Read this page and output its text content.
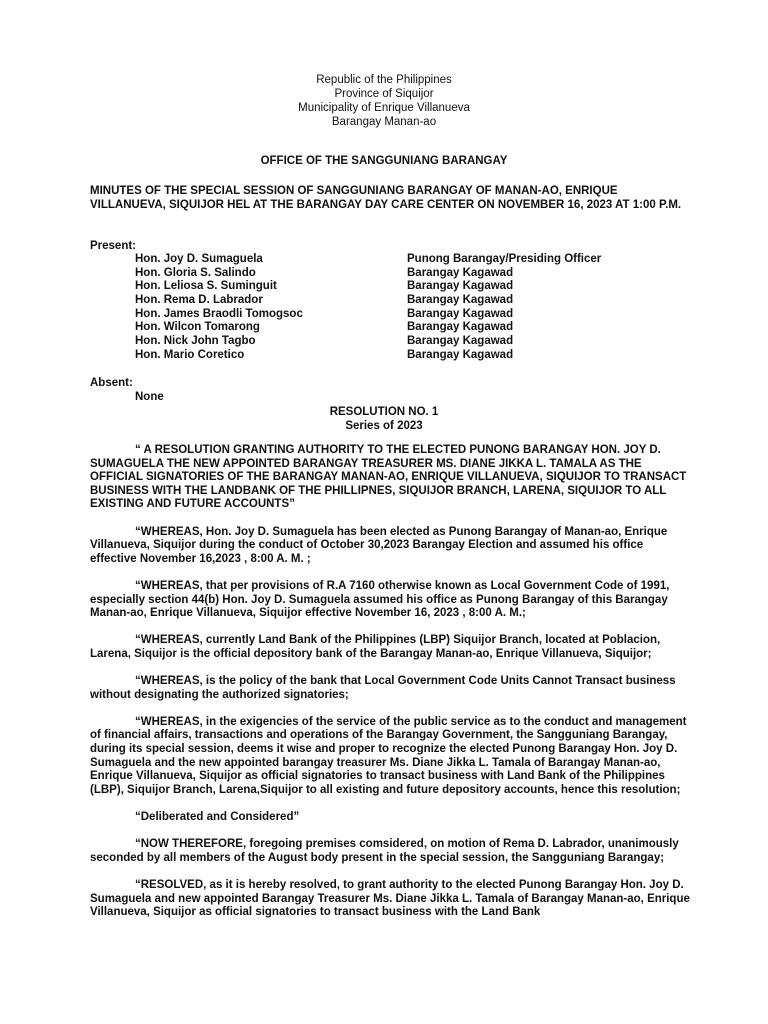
Republic of the Philippines
Province of Siquijor
Municipality of Enrique Villanueva
Barangay Manan-ao
OFFICE OF THE SANGGUNIANG BARANGAY
MINUTES OF THE SPECIAL SESSION OF SANGGUNIANG BARANGAY OF MANAN-AO, ENRIQUE VILLANUEVA, SIQUIJOR HEL AT THE BARANGAY DAY CARE CENTER ON NOVEMBER 16, 2023 AT 1:00 P.M.
Present:
Hon. Joy D. Sumaguela	Punong Barangay/Presiding Officer
Hon. Gloria S. Salindo	Barangay Kagawad
Hon. Leliosa S. Suminguit	Barangay Kagawad
Hon. Rema D. Labrador	Barangay Kagawad
Hon. James Braodli Tomogsoc	Barangay Kagawad
Hon. Wilcon Tomarong	Barangay Kagawad
Hon. Nick John Tagbo	Barangay Kagawad
Hon. Mario Coretico	Barangay Kagawad
Absent:
None
RESOLUTION NO. 1
Series of 2023

“ A RESOLUTION GRANTING AUTHORITY TO THE ELECTED PUNONG BARANGAY HON. JOY D. SUMAGUELA THE NEW APPOINTED BARANGAY TREASURER MS. DIANE JIKKA L. TAMALA AS THE OFFICIAL SIGNATORIES OF THE BARANGAY MANAN-AO, ENRIQUE VILLANUEVA, SIQUIJOR TO TRANSACT BUSINESS WITH THE LANDBANK OF THE PHILLIPNES, SIQUIJOR BRANCH, LARENA, SIQUIJOR TO ALL EXISTING AND FUTURE ACCOUNTS”

“WHEREAS, Hon. Joy D. Sumaguela has been elected as Punong Barangay of Manan-ao, Enrique Villanueva, Siquijor during the conduct of October 30,2023 Barangay Election and assumed his office effective November 16,2023 , 8:00 A. M. ;

“WHEREAS, that per provisions of R.A 7160 otherwise known as Local Government Code of 1991, especially section 44(b) Hon. Joy D. Sumaguela assumed his office as Punong Barangay of this Barangay Manan-ao, Enrique Villanueva, Siquijor effective November 16, 2023 , 8:00 A. M.;

“WHEREAS, currently Land Bank of the Philippines (LBP) Siquijor Branch, located at Poblacion, Larena, Siquijor is the official depository bank of the Barangay Manan-ao, Enrique Villanueva, Siquijor;

“WHEREAS, is the policy of the bank that Local Government Code Units Cannot Transact business without designating the authorized signatories;

“WHEREAS, in the exigencies of the service of the public service as to the conduct and management of financial affairs, transactions and operations of the Barangay Government, the Sangguniang Barangay, during its special session, deems it wise and proper to recognize the elected Punong Barangay Hon. Joy D. Sumaguela and the new appointed barangay treasurer Ms. Diane Jikka L. Tamala of Barangay Manan-ao, Enrique Villanueva, Siquijor as official signatories to transact business with Land Bank of the Philippines (LBP), Siquijor Branch, Larena,Siquijor to all existing and future depository accounts, hence this resolution;

“Deliberated and Considered”

“NOW THEREFORE, foregoing premises comsidered, on motion of Rema D. Labrador, unanimously seconded by all members of the August body present in the special session, the Sangguniang Barangay;

“RESOLVED, as it is hereby resolved, to grant authority to the elected Punong Barangay Hon. Joy D. Sumaguela and new appointed Barangay Treasurer Ms. Diane Jikka L. Tamala of Barangay Manan-ao, Enrique Villanueva, Siquijor as official signatories to transact business with the Land Bank
